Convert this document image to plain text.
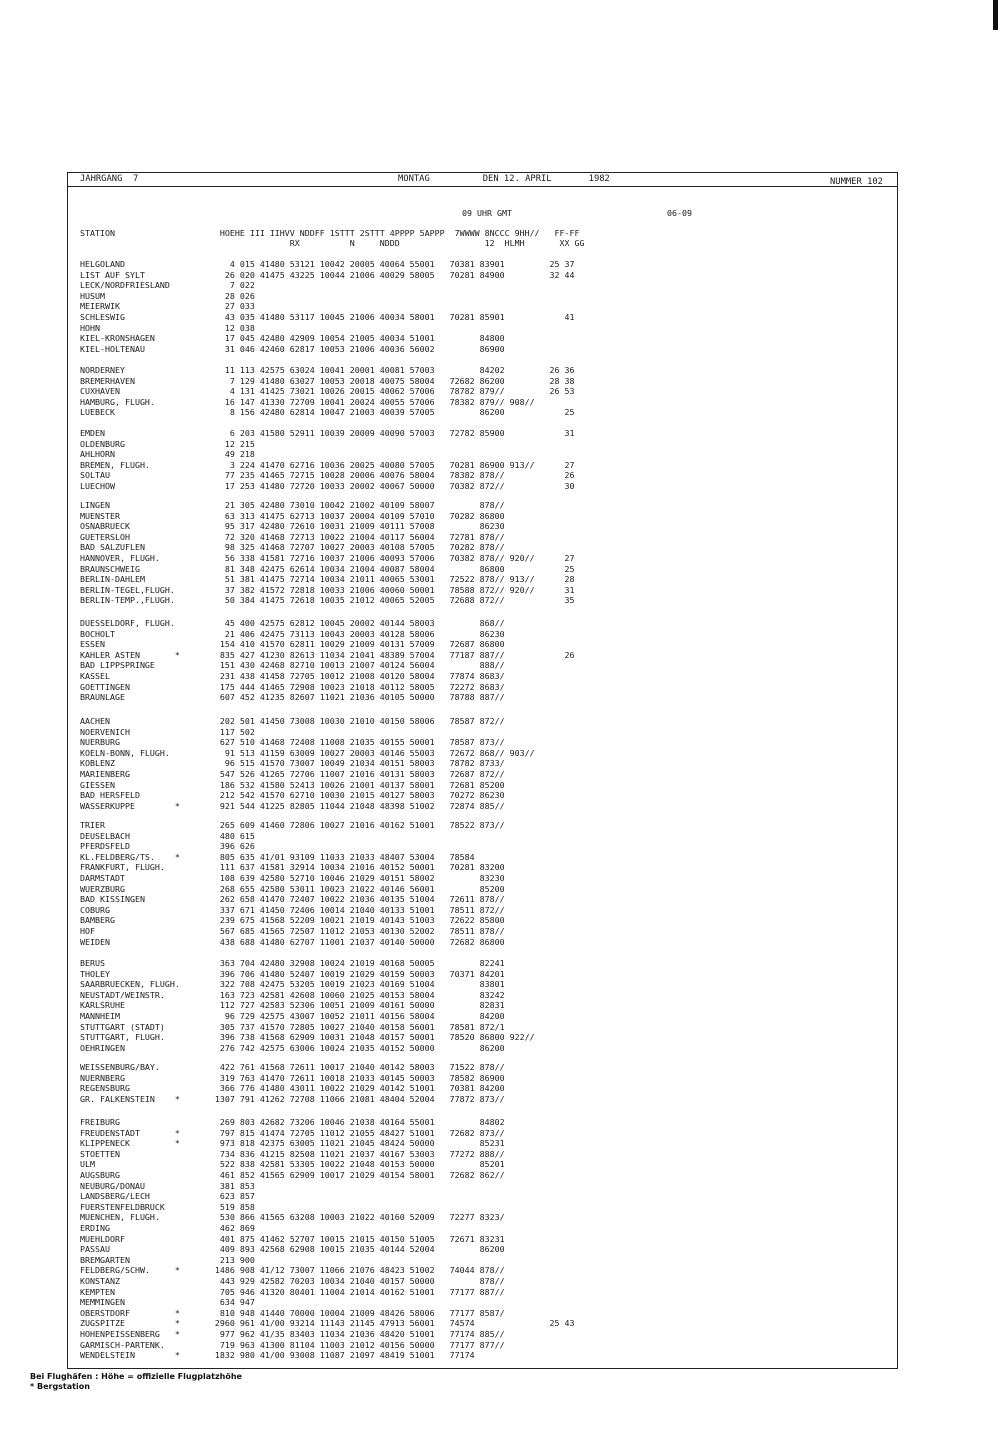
JAHRGANG  7	MONTAG          DEN 12. APRIL       1982	NUMMER 102
09 UHR GMT	06-09
STATION                     HOEHE III IIHVV NDDFF 1STTT 2STTT 4PPPP 5APPP  7WWWW 8NCCC 9HH//   FF-FF
RX          N     NDDD                 12  HLMH       XX GG
HELGOLAND                     4 015 41480 53121 10042 20005 40064 55001   70381 83901         25 37
LIST AUF SYLT                26 020 41475 43225 10044 21006 40029 58005   70281 84900         32 44
LECK/NORDFRIESLAND            7 022
HUSUM                        28 026
MEIERWIK                     27 033
SCHLESWIG                    43 035 41480 53117 10045 21006 40034 58001   70281 85901            41
HOHN                         12 038
KIEL-KRONSHAGEN              17 045 42480 42909 10054 21005 40034 51001         84800
KIEL-HOLTENAU                31 046 42460 62817 10053 21006 40036 56002         86900
NORDERNEY                    11 113 42575 63024 10041 20001 40081 57003         84202         26 36
BREMERHAVEN                   7 129 41480 63027 10053 20018 40075 58004   72682 86200         28 38
CUXHAVEN                      4 131 41425 73021 10026 20015 40062 57006   78782 879//         26 53
HAMBURG, FLUGH.              16 147 41330 72709 10041 20024 40055 57006   78382 879// 908//
LUEBECK                       8 156 42480 62814 10047 21003 40039 57005         86200            25
EMDEN                         6 203 41580 52911 10039 20009 40090 57003   72782 85900            31
OLDENBURG                    12 215
AHLHORN                      49 218
BREMEN, FLUGH.                3 224 41470 62716 10036 20025 40080 57005   70281 86900 913//      27
SOLTAU                       77 235 41465 72715 10028 20006 40076 58004   78382 878//            26
LUECHOW                      17 253 41480 72720 10033 20002 40067 50000   70382 872//            30
LINGEN                       21 305 42480 73010 10042 21002 40109 58007         878//
MUENSTER                     63 313 41475 62713 10037 20004 40109 57010   70282 86800
OSNABRUECK                   95 317 42480 72610 10031 21009 40111 57008         86230
GUETERSLOH                   72 320 41468 72713 10022 21004 40117 56004   72781 878//
BAD SALZUFLEN                98 325 41468 72707 10027 20003 40108 57005   70282 878//
HANNOVER, FLUGH.             56 338 41581 72716 10037 21006 40093 57006   70382 878// 920//      27
BRAUNSCHWEIG                 81 348 42475 62614 10034 21004 40087 58004         86800            25
BERLIN-DAHLEM                51 381 41475 72714 10034 21011 40065 53001   72522 878// 913//      28
BERLIN-TEGEL,FLUGH.          37 382 41572 72818 10033 21006 40060 50001   78588 872// 920//      31
BERLIN-TEMP.,FLUGH.          50 384 41475 72618 10035 21012 40065 52005   72688 872//            35
DUESSELDORF, FLUGH.          45 400 42575 62812 10045 20002 40144 58003         868//
BOCHOLT                      21 406 42475 73113 10043 20003 40128 58006         86230
ESSEN                       154 410 41570 62811 10029 21009 40131 57009   72687 86800
KAHLER ASTEN       *        835 427 41230 82613 11034 21041 48389 57004   77187 887//            26
BAD LIPPSPRINGE             151 430 42468 82710 10013 21007 40124 56004         888//
KASSEL                      231 438 41458 72705 10012 21008 40120 58004   77874 8683/
GOETTINGEN                  175 444 41465 72908 10023 21018 40112 58005   72272 8683/
BRAUNLAGE                   607 452 41235 82607 11021 21036 40105 50000   78788 887//
AACHEN                      202 501 41450 73008 10030 21010 40150 58006   78587 872//
NOERVENICH                  117 502
NUERBURG                    627 510 41468 72408 11008 21035 40155 50001   78587 873//
KOELN-BONN, FLUGH.           91 513 41159 63009 10027 20003 40146 55003   72672 868// 903//
KOBLENZ                      96 515 41570 73007 10049 21034 40151 58003   78782 8733/
MARIENBERG                  547 526 41265 72706 11007 21016 40131 58003   72687 872//
GIESSEN                     186 532 41580 52413 10026 21001 40137 58001   72681 85200
BAD HERSFELD                212 542 41570 62710 10030 21015 40127 58003   70272 86230
WASSERKUPPE        *        921 544 41225 82805 11044 21048 48398 51002   72874 885//
TRIER                       265 609 41460 72806 10027 21016 40162 51001   78522 873//
DEUSELBACH                  480 615
PFERDSFELD                  396 626
KL.FELDBERG/TS.    *        805 635 41/01 93109 11033 21033 48407 53004   78584
FRANKFURT, FLUGH.           111 637 41581 32914 10034 21016 40152 50001   70281 83200
DARMSTADT                   108 639 42580 52710 10046 21029 40151 58002         83230
WUERZBURG                   268 655 42580 53011 10023 21022 40146 56001         85200
BAD KISSINGEN               262 658 41470 72407 10022 21036 40135 51004   72611 878//
COBURG                      337 671 41450 72406 10014 21040 40133 51001   78511 872//
BAMBERG                     239 675 41568 52209 10021 21019 40143 51003   72622 85800
HOF                         567 685 41565 72507 11012 21053 40130 52002   78511 878//
WEIDEN                      438 688 41480 62707 11001 21037 40140 50000   72682 86800
BERUS                       363 704 42480 32908 10024 21019 40168 50005         82241
THOLEY                      396 706 41480 52407 10019 21029 40159 50003   70371 84201
SAARBRUECKEN, FLUGH.        322 708 42475 53205 10019 21023 40169 51004         83801
NEUSTADT/WEINSTR.           163 723 42581 42608 10060 21025 40153 58004         83242
KARLSRUHE                   112 727 42583 52306 10051 21009 40161 50000         82831
MANNHEIM                     96 729 42575 43007 10052 21011 40156 58004         84200
STUTTGART (STADT)           305 737 41570 72805 10027 21040 40158 56001   78581 872/1
STUTTGART, FLUGH.           396 738 41568 62909 10031 21048 40157 50001   78520 86800 922//
OEHRINGEN                   276 742 42575 63006 10024 21035 40152 50000         86200
WEISSENBURG/BAY.            422 761 41568 72611 10017 21040 40142 58003   71522 878//
NUERNBERG                   319 763 41470 72611 10018 21033 40145 50003   78582 86900
REGENSBURG                  366 776 41480 43011 10022 21029 40142 51001   70381 84200
GR. FALKENSTEIN    *       1307 791 41262 72708 11066 21081 48404 52004   77872 873//
FREIBURG                    269 803 42682 73206 10046 21038 40164 55001         84802
FREUDENSTADT       *        797 815 41474 72705 11012 21055 48427 51001   72682 873//
KLIPPENECK         *        973 818 42375 63005 11021 21045 48424 50000         85231
STOETTEN                    734 836 41215 82508 11021 21037 40167 53003   77272 888//
ULM                         522 838 42581 53305 10022 21048 40153 50000         85201
AUGSBURG                    461 852 41565 62909 10017 21029 40154 58001   72682 862//
NEUBURG/DONAU               381 853
LANDSBERG/LECH              623 857
FUERSTENFELDBRUCK           519 858
MUENCHEN, FLUGH.            530 866 41565 63208 10003 21022 40160 52009   72277 8323/
ERDING                      462 869
MUEHLDORF                   401 875 41462 52707 10015 21015 40150 51005   72671 83231
PASSAU                      409 893 42568 62908 10015 21035 40144 52004         86200
BREMGARTEN                  213 900
FELDBERG/SCHW.     *       1486 908 41/12 73007 11066 21076 48423 51002   74044 878//
KONSTANZ                    443 929 42582 70203 10034 21040 40157 50000         878//
KEMPTEN                     705 946 41320 80401 11004 21014 40162 51001   77177 887//
MEMMINGEN                   634 947
OBERSTDORF         *        810 948 41440 70000 10004 21009 48426 58006   77177 8587/
ZUGSPITZE          *       2960 961 41/00 93214 11143 21145 47913 56001   74574               25 43
HOHENPEISSENBERG   *        977 962 41/35 83403 11034 21036 48420 51001   77174 885//
GARMISCH-PARTENK.           719 963 41300 81104 11003 21012 40156 50000   77177 877//
WENDELSTEIN        *       1832 980 41/00 93008 11087 21097 48419 51001   77174
Bei Flughäfen : Höhe = offizielle Flugplatzhöhe
* Bergstation
